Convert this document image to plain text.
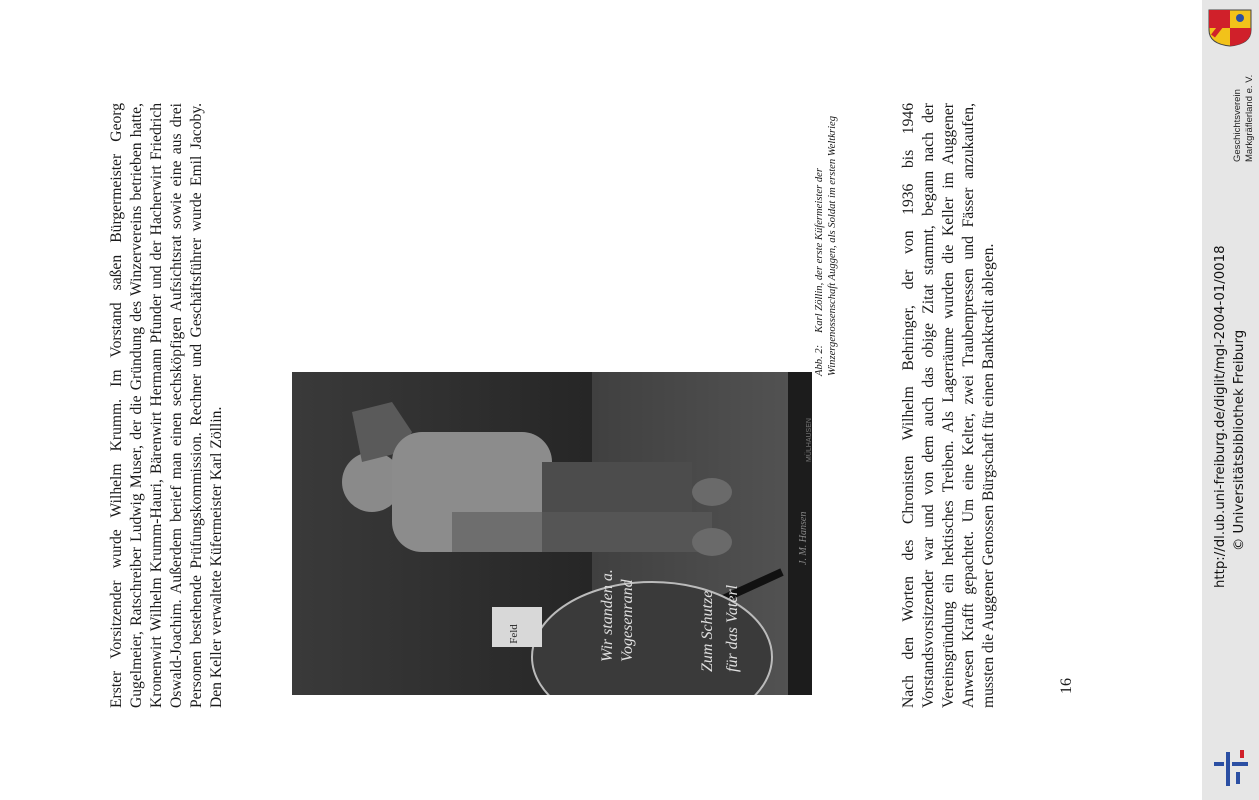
Erster Vorsitzender wurde Wilhelm Krumm. Im Vorstand saßen Bürgermeister Georg Gugelmeier, Ratschreiber Ludwig Muser, der die Gründung des Winzervereins betrieben hatte, Kronenwirt Wilhelm Krumm-Hauri, Bärenwirt Hermann Pfunder und der Hacherwirt Friedrich Oswald-Joachim. Außerdem berief man einen sechsköpfigen Aufsichtsrat sowie eine aus drei Personen bestehende Prüfungskommission. Rechner und Geschäftsführer wurde Emil Jacoby. Den Keller verwaltete Küfermeister Karl Zöllin.	Feld	Wir standen a. Vogesenrand	Zum Schutze für das Vaterl
J. M. Hansen
MÜLHAUSEN
Abb. 2:Karl Zöllin, der erste Küfermeister der Winzergenossenschaft Auggen, als Soldat im ersten Weltkrieg	Nach den Worten des Chronisten Wilhelm Behringer, der von 1936 bis 1946 Vorstandsvorsitzender war und von dem auch das obige Zitat stammt, begann nach der Vereinsgründung ein hektisches Treiben. Als Lagerräume wurden die Keller im Auggener Anwesen Krafft gepachtet. Um eine Kelter, zwei Traubenpressen und Fässer anzukaufen, mussten die Auggener Genossen Bürgschaft für einen Bankkredit ablegen.	16
Geschichtsverein Markgräflerland e. V.
http://dl.ub.uni-freiburg.de/diglit/mgl-2004-01/0018 © Universitätsbibliothek Freiburg
